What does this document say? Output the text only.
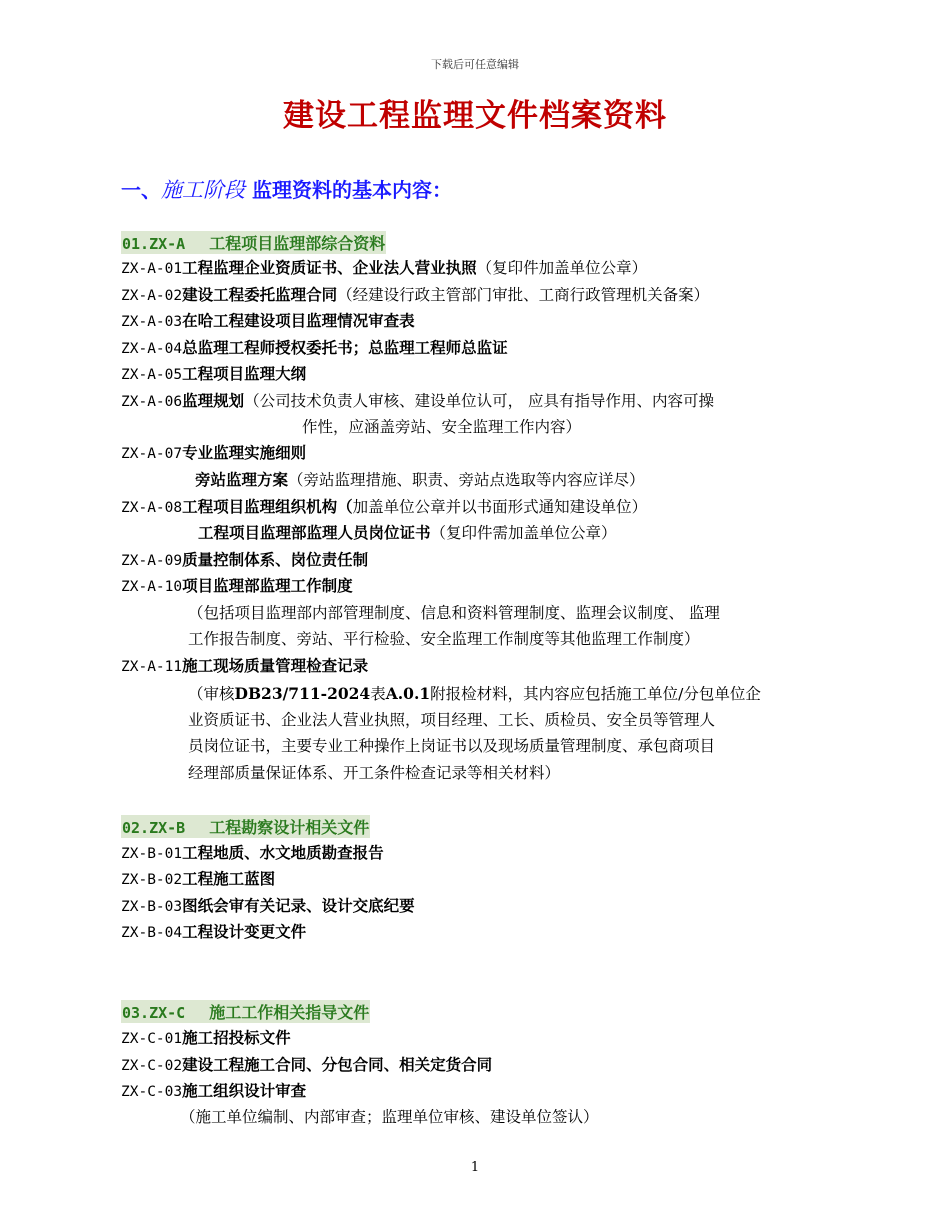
下载后可任意编辑
建设工程监理文件档案资料
一、施工阶段 监理资料的基本内容：
01.ZX-A 工程项目监理部综合资料
ZX-A-01工程监理企业资质证书、企业法人营业执照（复印件加盖单位公章）
ZX-A-02建设工程委托监理合同（经建设行政主管部门审批、工商行政管理机关备案）
ZX-A-03在哈工程建设项目监理情况审查表
ZX-A-04总监理工程师授权委托书；总监理工程师总监证
ZX-A-05工程项目监理大纲
ZX-A-06监理规划（公司技术负责人审核、建设单位认可， 应具有指导作用、内容可操
作性，应涵盖旁站、安全监理工作内容）
ZX-A-07专业监理实施细则
旁站监理方案（旁站监理措施、职责、旁站点选取等内容应详尽）
ZX-A-08工程项目监理组织机构（加盖单位公章并以书面形式通知建设单位）
工程项目监理部监理人员岗位证书（复印件需加盖单位公章）
ZX-A-09质量控制体系、岗位责任制
ZX-A-10项目监理部监理工作制度
（包括项目监理部内部管理制度、信息和资料管理制度、监理会议制度、 监理
工作报告制度、旁站、平行检验、安全监理工作制度等其他监理工作制度）
ZX-A-11施工现场质量管理检查记录
（审核DB23/711-2024表A.0.1附报检材料，其内容应包括施工单位/分包单位企
业资质证书、企业法人营业执照，项目经理、工长、质检员、安全员等管理人
员岗位证书，主要专业工种操作上岗证书以及现场质量管理制度、承包商项目
经理部质量保证体系、开工条件检查记录等相关材料）
02.ZX-B 工程勘察设计相关文件
ZX-B-01工程地质、水文地质勘查报告
ZX-B-02工程施工蓝图
ZX-B-03图纸会审有关记录、设计交底纪要
ZX-B-04工程设计变更文件
03.ZX-C 施工工作相关指导文件
ZX-C-01施工招投标文件
ZX-C-02建设工程施工合同、分包合同、相关定货合同
ZX-C-03施工组织设计审查
（施工单位编制、内部审查；监理单位审核、建设单位签认）
1
